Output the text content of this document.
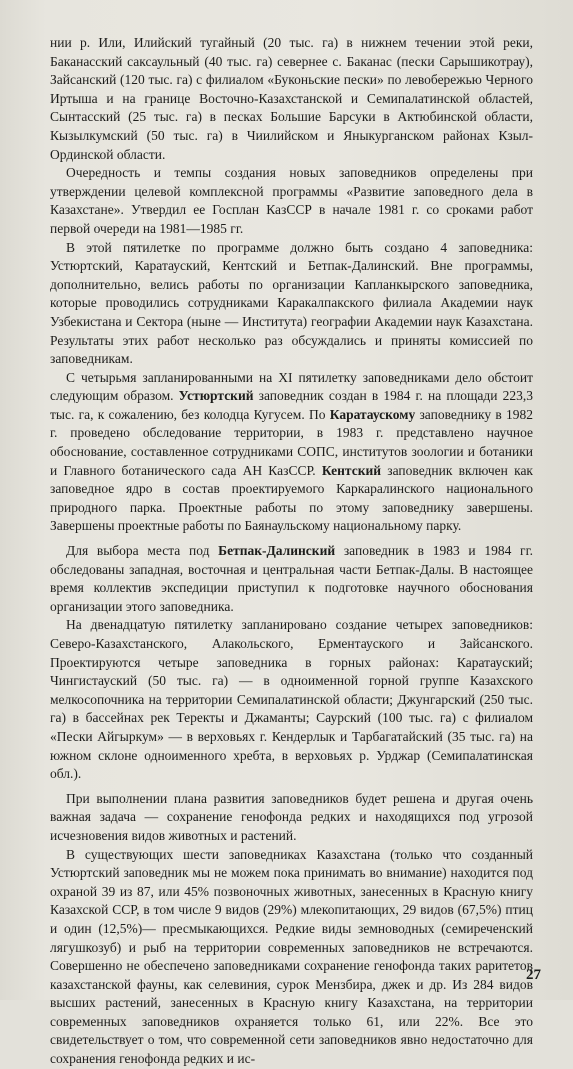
нии р. Или, Илийский тугайный (20 тыс. га) в нижнем течении этой реки, Баканасский саксаульный (40 тыс. га) севернее с. Баканас (пески Сарышикотрау), Зайсанский (120 тыс. га) с филиалом «Буконьские пески» по левобережью Черного Иртыша и на границе Восточно-Казахстанской и Семипалатинской областей, Сынтасский (25 тыс. га) в песках Большие Барсуки в Актюбинской области, Кызылкумский (50 тыс. га) в Чиилийском и Яныкурганском районах Кзыл-Ординской области.

Очередность и темпы создания новых заповедников определены при утверждении целевой комплексной программы «Развитие заповедного дела в Казахстане». Утвердил ее Госплан КазССР в начале 1981 г. со сроками работ первой очереди на 1981—1985 гг.

В этой пятилетке по программе должно быть создано 4 заповедника: Устюртский, Каратауский, Кентский и Бетпак-Далинский. Вне программы, дополнительно, велись работы по организации Капланкырского заповедника, которые проводились сотрудниками Каракалпакского филиала Академии наук Узбекистана и Сектора (ныне — Института) географии Академии наук Казахстана. Результаты этих работ несколько раз обсуждались и приняты комиссией по заповедникам.

С четырьмя запланированными на XI пятилетку заповедниками дело обстоит следующим образом. Устюртский заповедник создан в 1984 г. на площади 223,3 тыс. га, к сожалению, без колодца Кугусем. По Каратаускому заповеднику в 1982 г. проведено обследование территории, в 1983 г. представлено научное обоснование, составленное сотрудниками СОПС, институтов зоологии и ботаники и Главного ботанического сада АН КазССР. Кентский заповедник включен как заповедное ядро в состав проектируемого Каркаралинского национального природного парка. Проектные работы по этому заповеднику завершены. Завершены проектные работы по Баянаульскому национальному парку.

Для выбора места под Бетпак-Далинский заповедник в 1983 и 1984 гг. обследованы западная, восточная и центральная части Бетпак-Далы. В настоящее время коллектив экспедиции приступил к подготовке научного обоснования организации этого заповедника.

На двенадцатую пятилетку запланировано создание четырех заповедников: Северо-Казахстанского, Алакольского, Ерментауского и Зайсанского. Проектируются четыре заповедника в горных районах: Каратауский; Чингистауский (50 тыс. га) — в одноименной горной группе Казахского мелкосопочника на территории Семипалатинской области; Джунгарский (250 тыс. га) в бассейнах рек Теректы и Джаманты; Саурский (100 тыс. га) с филиалом «Пески Айгыркум» — в верховьях г. Кендерлык и Тарбагатайский (35 тыс. га) на южном склоне одноименного хребта, в верховьях р. Урджар (Семипалатинская обл.).

При выполнении плана развития заповедников будет решена и другая очень важная задача — сохранение генофонда редких и находящихся под угрозой исчезновения видов животных и растений.

В существующих шести заповедниках Казахстана (только что созданный Устюртский заповедник мы не можем пока принимать во внимание) находится под охраной 39 из 87, или 45% позвоночных животных, занесенных в Красную книгу Казахской ССР, в том числе 9 видов (29%) млекопитающих, 29 видов (67,5%) птиц и один (12,5%)— пресмыкающихся. Редкие виды земноводных (семиреченский лягушкозуб) и рыб на территории современных заповедников не встречаются. Совершенно не обеспечено заповедниками сохранение генофонда таких раритетов казахстанской фауны, как селевиния, сурок Мензбира, джек и др. Из 284 видов высших растений, занесенных в Красную книгу Казахстана, на территории современных заповедников охраняется только 61, или 22%. Все это свидетельствует о том, что современной сети заповедников явно недостаточно для сохранения генофонда редких и ис-

27
